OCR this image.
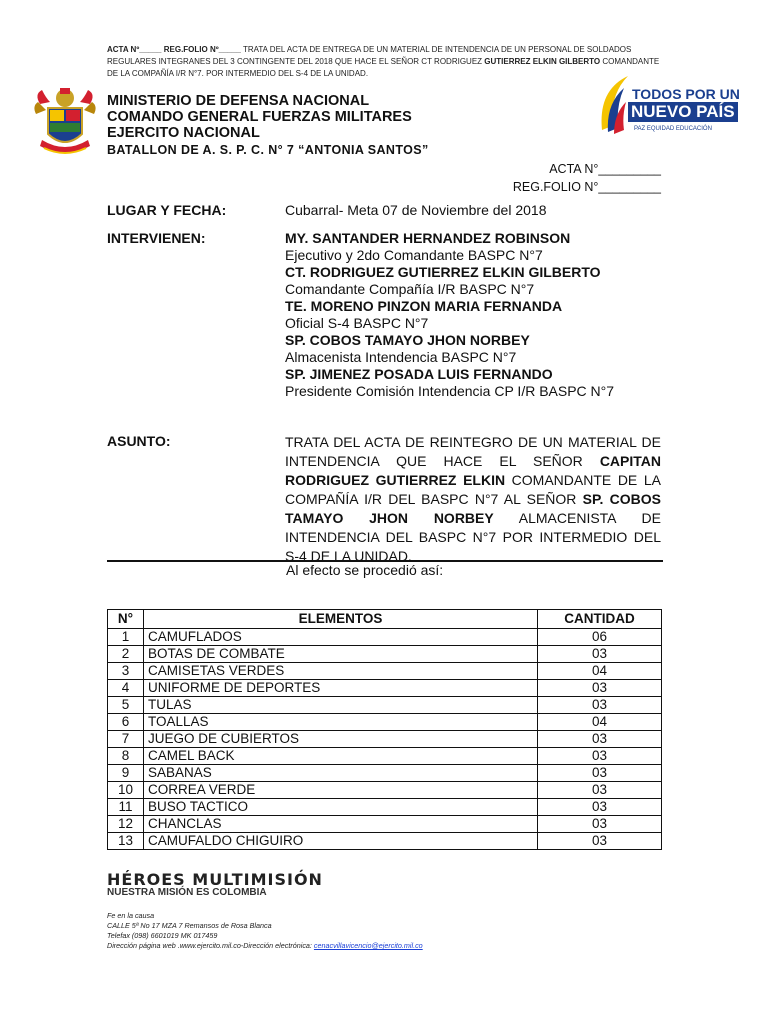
ACTA Nº_____ REG.FOLIO Nº_____ TRATA DEL ACTA DE ENTREGA DE UN MATERIAL DE INTENDENCIA DE UN PERSONAL DE SOLDADOS REGULARES INTEGRANES DEL 3 CONTINGENTE DEL 2018 QUE HACE EL SEÑOR CT RODRIGUEZ GUTIERREZ ELKIN GILBERTO COMANDANTE DE LA COMPAÑÍA I/R N°7. POR INTERMEDIO DEL S-4 DE LA UNIDAD.
MINISTERIO DE DEFENSA NACIONAL
COMANDO GENERAL FUERZAS MILITARES
EJERCITO NACIONAL
BATALLON DE A. S. P. C. N° 7 “ANTONIA SANTOS”
TODOS POR UN
NUEVO PAÍS
PAZ EQUIDAD EDUCACIÓN
ACTA N°_________
REG.FOLIO N°_________
LUGAR Y FECHA:	Cubarral- Meta 07 de Noviembre del 2018
INTERVIENEN:	MY. SANTANDER HERNANDEZ ROBINSON
Ejecutivo y 2do Comandante BASPC N°7
CT. RODRIGUEZ GUTIERREZ ELKIN GILBERTO
Comandante Compañía I/R BASPC N°7
TE. MORENO PINZON MARIA FERNANDA
Oficial S-4 BASPC N°7
SP. COBOS TAMAYO JHON NORBEY
Almacenista Intendencia BASPC N°7
SP. JIMENEZ POSADA LUIS FERNANDO
Presidente Comisión Intendencia CP I/R BASPC N°7
ASUNTO:	TRATA DEL ACTA DE REINTEGRO DE UN MATERIAL DE INTENDENCIA QUE HACE EL SEÑOR CAPITAN RODRIGUEZ GUTIERREZ ELKIN COMANDANTE DE LA COMPAÑÍA I/R DEL BASPC N°7 AL SEÑOR SP. COBOS TAMAYO JHON NORBEY ALMACENISTA DE INTENDENCIA DEL BASPC N°7 POR INTERMEDIO DEL S-4 DE LA UNIDAD.
Al efecto se procedió así:
N°	ELEMENTOS	CANTIDAD
1	CAMUFLADOS	06
2	BOTAS DE COMBATE	03
3	CAMISETAS VERDES	04
4	UNIFORME DE DEPORTES	03
5	TULAS	03
6	TOALLAS	04
7	JUEGO DE CUBIERTOS	03
8	CAMEL BACK	03
9	SABANAS	03
10	CORREA VERDE	03
11	BUSO TACTICO	03
12	CHANCLAS	03
13	CAMUFALDO CHIGUIRO	03
HÉROES MULTIMISIÓN
NUESTRA MISIÓN ES COLOMBIA
Fe en la causa
CALLE 5ª No 17 MZA 7 Remansos de Rosa Blanca
Telefax (098) 6601019 MK 017459
Dirección página web .www.ejercito.mil.co-Dirección electrónica: cenacvillavicencio@ejercito.mil.co
